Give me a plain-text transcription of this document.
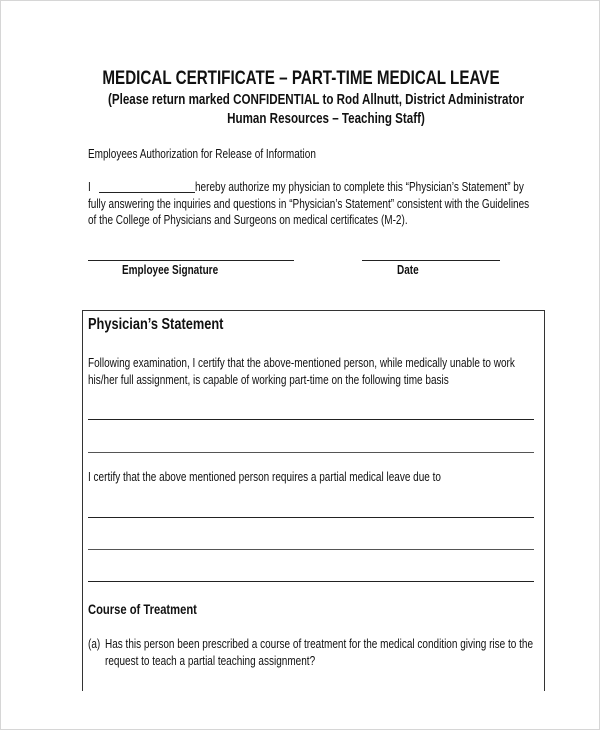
MEDICAL CERTIFICATE – PART-TIME MEDICAL LEAVE
(Please return marked CONFIDENTIAL to Rod Allnutt, District Administrator
Human Resources – Teaching Staff)
Employees Authorization for Release of Information
I	hereby authorize my physician to complete this “Physician’s Statement” by
fully answering the inquiries and questions in “Physician’s Statement” consistent with the Guidelines
of the College of Physicians and Surgeons on medical certificates (M-2).
Employee Signature	Date
Physician’s Statement
Following examination, I certify that the above-mentioned person, while medically unable to work
his/her full assignment, is capable of working part-time on the following time basis
I certify that the above mentioned person requires a partial medical leave due to
Course of Treatment
(a) Has this person been prescribed a course of treatment for the medical condition giving rise to the
request to teach a partial teaching assignment?
